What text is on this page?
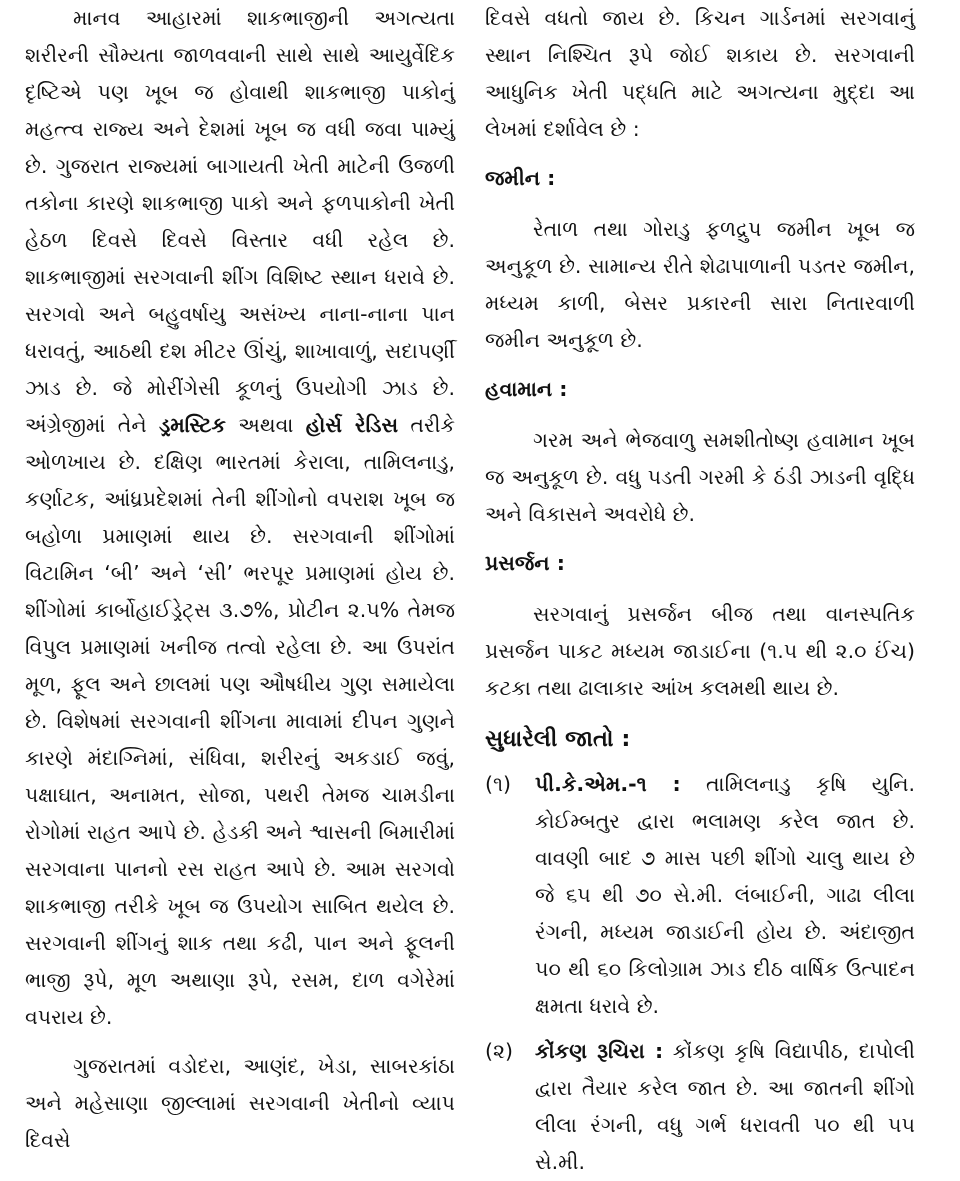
માનવ આહારમાં શાકભાજીની અગત્યતા શરીરની સૌમ્યતા જાળવવાની સાથે સાથે આયુર્વેદિક દૃષ્ટિએ પણ ખૂબ જ હોવાથી શાકભાજી પાકોનું મહત્ત્વ રાજ્ય અને દેશમાં ખૂબ જ વધી જવા પામ્યું છે. ગુજરાત રાજ્યમાં બાગાયતી ખેતી માટેની ઉજળી તકોના કારણે શાકભાજી પાકો અને ફળપાકોની ખેતી હેઠળ દિવસે દિવસે વિસ્તાર વધી રહેલ છે. શાકભાજીમાં સરગવાની શીંગ વિશિષ્ટ સ્થાન ધરાવે છે. સરગવો અને બહુવર્ષાયુ અસંખ્ય નાના-નાના પાન ધરાવતું, આઠથી દશ મીટર ઊંચું, શાખાવાળું, સદાપર્ણી ઝાડ છે. જે મોરીંગેસી કૂળનું ઉપયોગી ઝાડ છે. અંગ્રેજીમાં તેને ડ્રમસ્ટિક અથવા હોર્સ રેડિસ તરીકે ઓળખાય છે. દક્ષિણ ભારતમાં કેરાલા, તામિલનાડુ, કર્ણાટક, આંધ્રપ્રદેશમાં તેની શીંગોનો વપરાશ ખૂબ જ બહોળા પ્રમાણમાં થાય છે. સરગવાની શીંગોમાં વિટામિન ‘બી’ અને ‘સી’ ભરપૂર પ્રમાણમાં હોય છે. શીંગોમાં કાર્બોહાઈડ્રેટ્સ ૩.૭%, પ્રોટીન ૨.૫% તેમજ વિપુલ પ્રમાણમાં ખનીજ તત્વો રહેલા છે. આ ઉપરાંત મૂળ, ફૂલ અને છાલમાં પણ ઔષધીય ગુણ સમાયેલા છે. વિશેષમાં સરગવાની શીંગના માવામાં દીપન ગુણને કારણે મંદાગ્નિમાં, સંધિવા, શરીરનું અકડાઈ જવું, પક્ષાઘાત, અનામત, સોજા, પથરી તેમજ ચામડીના રોગોમાં રાહત આપે છે. હેડકી અને શ્વાસની બિમારીમાં સરગવાના પાનનો રસ રાહત આપે છે. આમ સરગવો શાકભાજી તરીકે ખૂબ જ ઉપયોગ સાબિત થયેલ છે. સરગવાની શીંગનું શાક તથા કઢી, પાન અને ફૂલની ભાજી રૂપે, મૂળ અથાણા રૂપે, રસમ, દાળ વગેરેમાં વપરાય છે.

ગુજરાતમાં વડોદરા, આણંદ, ખેડા, સાબરકાંઠા અને મહેસાણા જીલ્લામાં સરગવાની ખેતીનો વ્યાપ દિવસે

દિવસે વધતો જાય છે. કિચન ગાર્ડનમાં સરગવાનું સ્થાન નિશ્ચિત રૂપે જોઈ શકાય છે. સરગવાની આધુનિક ખેતી પદ્ધતિ માટે અગત્યના મુદ્દા આ લેખમાં દર્શાવેલ છે :

જમીન :

રેતાળ તથા ગોરાડુ ફળદ્રુપ જમીન ખૂબ જ અનુકૂળ છે. સામાન્ય રીતે શેઢાપાળાની પડતર જમીન, મધ્યમ કાળી, બેસર પ્રકારની સારા નિતારવાળી જમીન અનુકૂળ છે.

હવામાન :

ગરમ અને ભેજવાળુ સમશીતોષ્ણ હવામાન ખૂબ જ અનુકૂળ છે. વધુ પડતી ગરમી કે ઠંડી ઝાડની વૃદ્ધિ અને વિકાસને અવરોધે છે.

પ્રસર્જન :

સરગવાનું પ્રસર્જન બીજ તથા વાનસ્પતિક પ્રસર્જન પાકટ મધ્યમ જાડાઈના (૧.૫ થી ૨.૦ ઈંચ) કટકા તથા ઢાલાકાર આંખ કલમથી થાય છે.

સુધારેલી જાતો :
(૧) પી.કે.એમ.-૧ : તામિલનાડુ કૃષિ યુનિ. કોઈમ્બતુર દ્વારા ભલામણ કરેલ જાત છે. વાવણી બાદ ૭ માસ પછી શીંગો ચાલુ થાય છે જે ૬૫ થી ૭૦ સે.મી. લંબાઈની, ગાઢા લીલા રંગની, મધ્યમ જાડાઈની હોય છે. અંદાજીત ૫૦ થી ૬૦ કિલોગ્રામ ઝાડ દીઠ વાર્ષિક ઉત્પાદન ક્ષમતા ધરાવે છે.

(૨) કોંકણ રૂચિરા : કોંકણ કૃષિ વિદ્યાપીઠ, દાપોલી દ્વારા તૈયાર કરેલ જાત છે. આ જાતની શીંગો લીલા રંગની, વધુ ગર્ભ ધરાવતી ૫૦ થી ૫૫ સે.મી.
